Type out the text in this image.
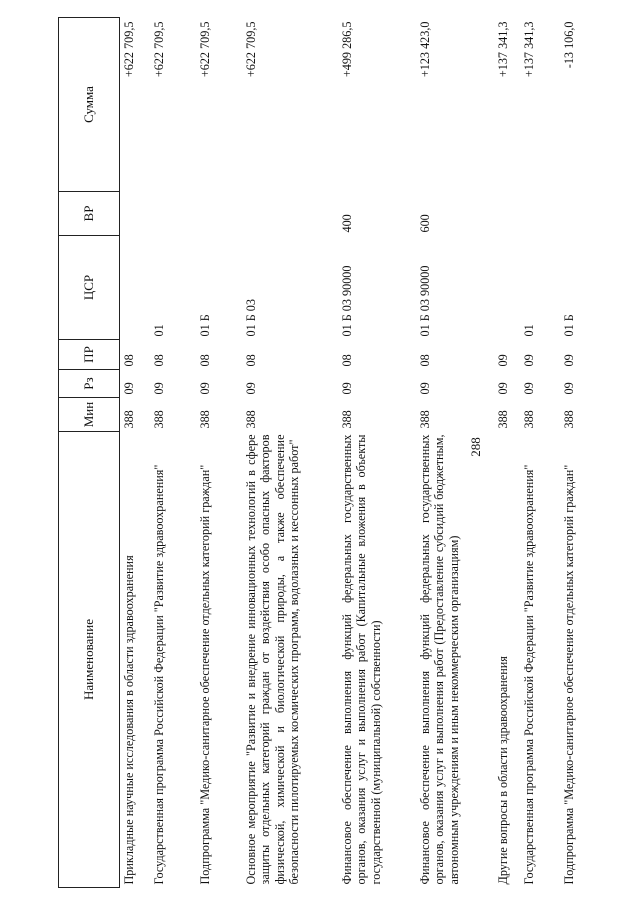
288
Наименование	Мин	Рз	ПР	ЦСР	ВР	Сумма
Прикладные научные исследования в области здравоохранения	388	09	08			+622 709,5
Государственная программа Российской Федерации "Развитие здравоохранения"	388	09	08	01		+622 709,5
Подпрограмма "Медико-санитарное обеспечение отдельных категорий граждан"	388	09	08	01 Б		+622 709,5
Основное мероприятие "Развитие и внедрение инновационных технологий в сфере защиты отдельных категорий граждан от воздействия особо опасных факторов физической, химической и биологической природы, а также обеспечение безопасности пилотируемых космических программ, водолазных и кессонных работ"	388	09	08	01 Б 03		+622 709,5
Финансовое обеспечение выполнения функций федеральных государственных органов, оказания услуг и выполнения работ (Капитальные вложения в объекты государственной (муниципальной) собственности)	388	09	08	01 Б 03 90000	400	+499 286,5
Финансовое обеспечение выполнения функций федеральных государственных органов, оказания услуг и выполнения работ (Предоставление субсидий бюджетным, автономным учреждениям и иным некоммерческим организациям)	388	09	08	01 Б 03 90000	600	+123 423,0
Другие вопросы в области здравоохранения	388	09	09			+137 341,3
Государственная программа Российской Федерации "Развитие здравоохранения"	388	09	09	01		+137 341,3
Подпрограмма "Медико-санитарное обеспечение отдельных категорий граждан"	388	09	09	01 Б		-13 106,0
